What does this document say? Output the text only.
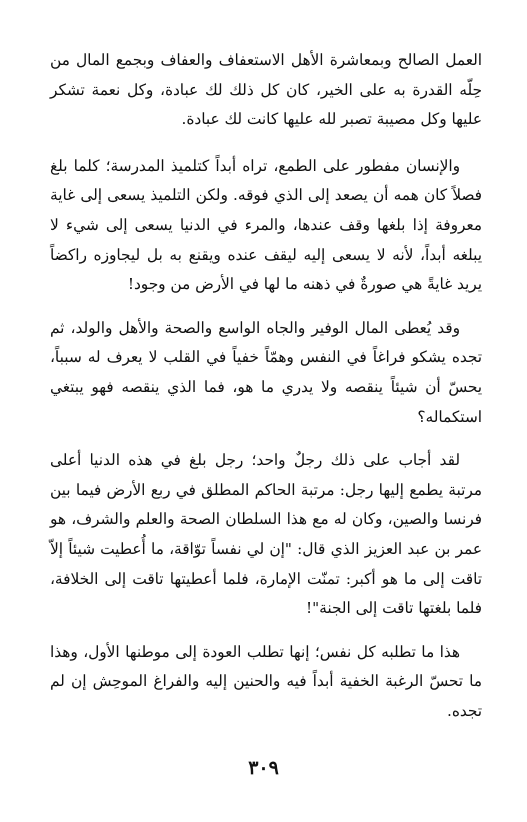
العمل الصالح وبمعاشرة الأهل الاستعفاف والعفاف وبجمع المال من حِلّه القدرة به على الخير، كان كل ذلك لك عبادة، وكل نعمة تشكر عليها وكل مصيبة تصبر لله عليها كانت لك عبادة.

والإنسان مفطور على الطمع، تراه أبداً كتلميذ المدرسة؛ كلما بلغ فصلاً كان همه أن يصعد إلى الذي فوقه. ولكن التلميذ يسعى إلى غاية معروفة إذا بلغها وقف عندها، والمرء في الدنيا يسعى إلى شيء لا يبلغه أبداً، لأنه لا يسعى إليه ليقف عنده ويقنع به بل ليجاوزه راكضاً يريد غايةً هي صورةٌ في ذهنه ما لها في الأرض من وجود!

وقد يُعطى المال الوفير والجاه الواسع والصحة والأهل والولد، ثم تجده يشكو فراغاً في النفس وهمّاً خفياً في القلب لا يعرف له سبباً، يحسّ أن شيئاً ينقصه ولا يدري ما هو، فما الذي ينقصه فهو يبتغي استكماله؟

لقد أجاب على ذلك رجلٌ واحد؛ رجل بلغ في هذه الدنيا أعلى مرتبة يطمع إليها رجل: مرتبة الحاكم المطلق في ربع الأرض فيما بين فرنسا والصين، وكان له مع هذا السلطان الصحة والعلم والشرف، هو عمر بن عبد العزيز الذي قال: "إن لي نفساً توّاقة، ما أُعطيت شيئاً إلاّ تاقت إلى ما هو أكبر: تمنّت الإمارة، فلما أعطيتها تاقت إلى الخلافة، فلما بلغتها تاقت إلى الجنة"!

هذا ما تطلبه كل نفس؛ إنها تطلب العودة إلى موطنها الأول، وهذا ما تحسّ الرغبة الخفية أبداً فيه والحنين إليه والفراغ الموحِش إن لم تجده.

٣٠٩
